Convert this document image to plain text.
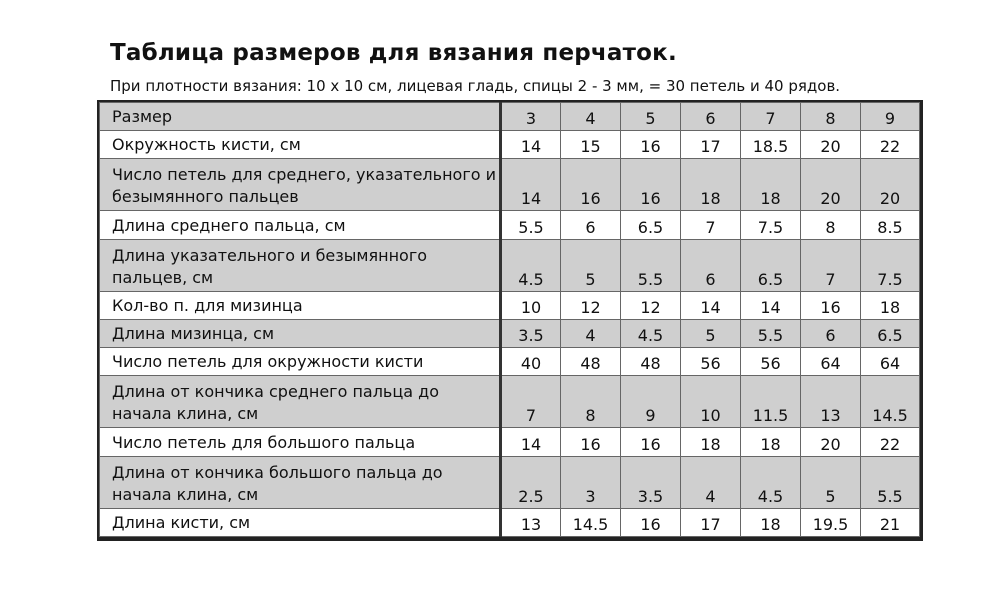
Таблица размеров для вязания перчаток.
При плотности вязания: 10 х 10 см, лицевая гладь, спицы 2 - 3 мм, = 30 петель и 40 рядов.
Размер	3	4	5	6	7	8	9
Окружность кисти, см	14	15	16	17	18.5	20	22
Число петель для среднего, указательного и безымянного пальцев	14	16	16	18	18	20	20
Длина среднего пальца, см	5.5	6	6.5	7	7.5	8	8.5
Длина указательного и безымянного пальцев, см	4.5	5	5.5	6	6.5	7	7.5
Кол-во п. для мизинца	10	12	12	14	14	16	18
Длина мизинца, см	3.5	4	4.5	5	5.5	6	6.5
Число петель для окружности кисти	40	48	48	56	56	64	64
Длина от кончика среднего пальца до начала клина, см	7	8	9	10	11.5	13	14.5
Число петель для большого пальца	14	16	16	18	18	20	22
Длина от кончика большого пальца до начала клина, см	2.5	3	3.5	4	4.5	5	5.5
Длина кисти, см	13	14.5	16	17	18	19.5	21
